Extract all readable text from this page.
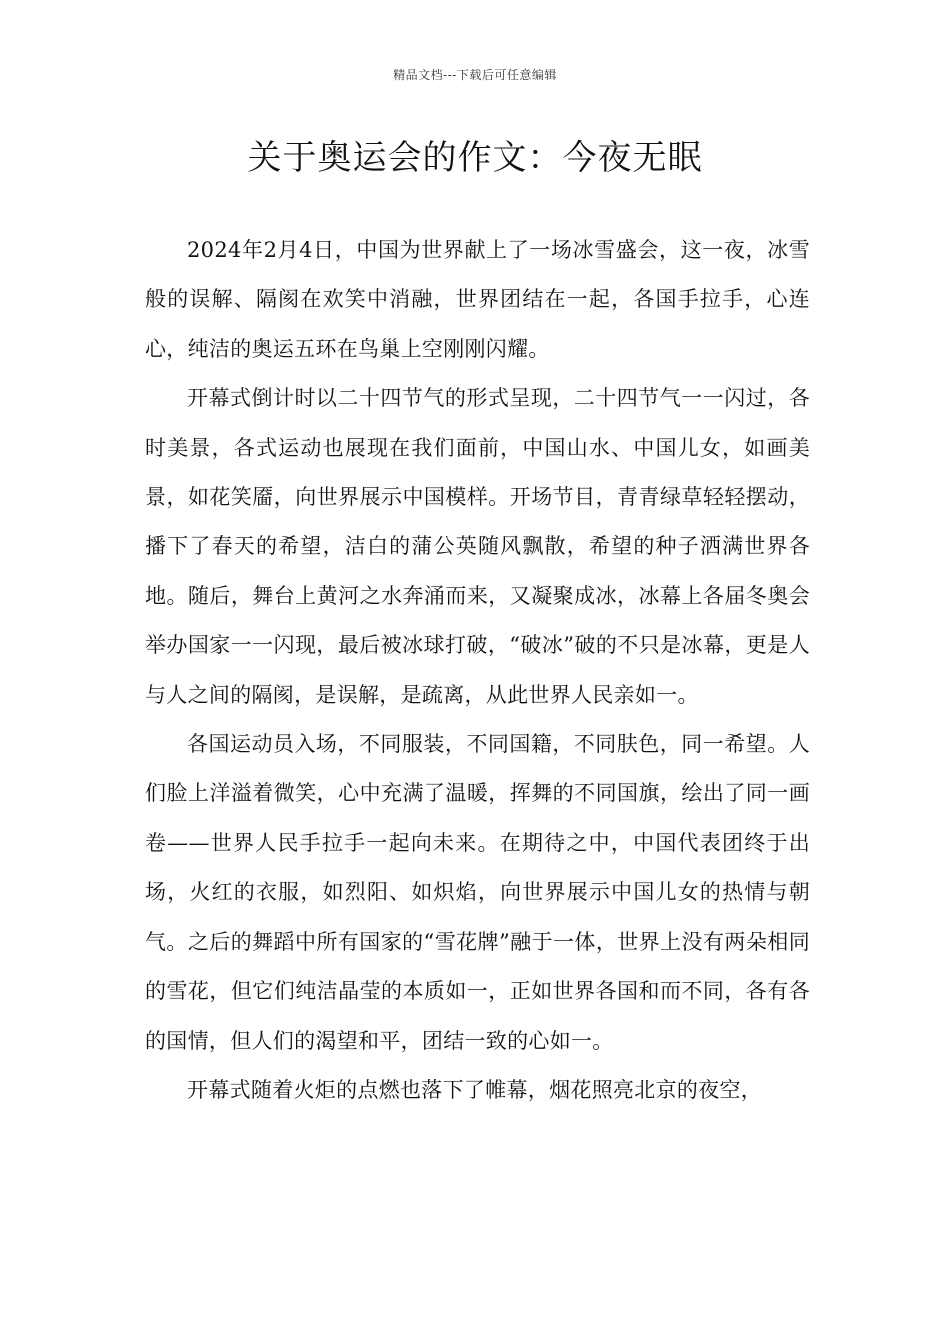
精品文档---下载后可任意编辑
关于奥运会的作文：今夜无眠

2024年2月4日，中国为世界献上了一场冰雪盛会，这一夜，冰雪般的误解、隔阂在欢笑中消融，世界团结在一起，各国手拉手，心连心，纯洁的奥运五环在鸟巢上空刚刚闪耀。

开幕式倒计时以二十四节气的形式呈现，二十四节气一一闪过，各时美景，各式运动也展现在我们面前，中国山水、中国儿女，如画美景，如花笑靥，向世界展示中国模样。开场节目，青青绿草轻轻摆动，播下了春天的希望，洁白的蒲公英随风飘散，希望的种子洒满世界各地。随后，舞台上黄河之水奔涌而来，又凝聚成冰，冰幕上各届冬奥会举办国家一一闪现，最后被冰球打破，“破冰”破的不只是冰幕，更是人与人之间的隔阂，是误解，是疏离，从此世界人民亲如一。

各国运动员入场，不同服装，不同国籍，不同肤色，同一希望。人们脸上洋溢着微笑，心中充满了温暖，挥舞的不同国旗，绘出了同一画卷——世界人民手拉手一起向未来。在期待之中，中国代表团终于出场，火红的衣服，如烈阳、如炽焰，向世界展示中国儿女的热情与朝气。之后的舞蹈中所有国家的“雪花牌”融于一体，世界上没有两朵相同的雪花，但它们纯洁晶莹的本质如一，正如世界各国和而不同，各有各的国情，但人们的渴望和平，团结一致的心如一。

开幕式随着火炬的点燃也落下了帷幕，烟花照亮北京的夜空，
